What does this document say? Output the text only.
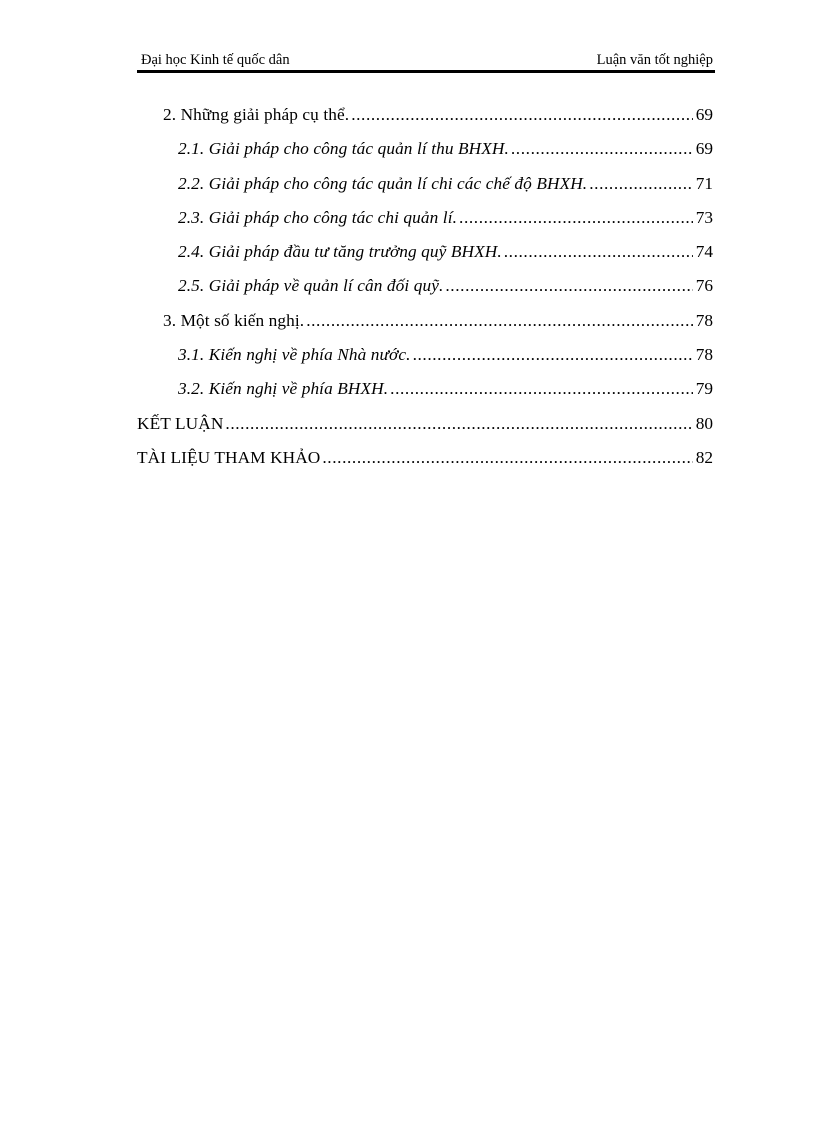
Đại học Kinh tế quốc dân	Luận văn tốt nghiệp
2. Những giải pháp cụ thể. .....	69
2.1. Giải pháp cho công tác quản lí thu BHXH. .....	69
2.2. Giải pháp cho công tác quản lí chi các chế độ BHXH. .....	71
2.3. Giải pháp cho công tác chi quản lí. .....	73
2.4. Giải pháp đầu tư tăng trưởng quỹ BHXH. .....	74
2.5. Giải pháp về quản lí cân đối quỹ. .....	76
3. Một số kiến nghị. .....	78
3.1. Kiến nghị về phía Nhà nước. .....	78
3.2. Kiến nghị về phía BHXH. .....	79
KẾT LUẬN .....	80
TÀI LIỆU THAM KHẢO .....	82
